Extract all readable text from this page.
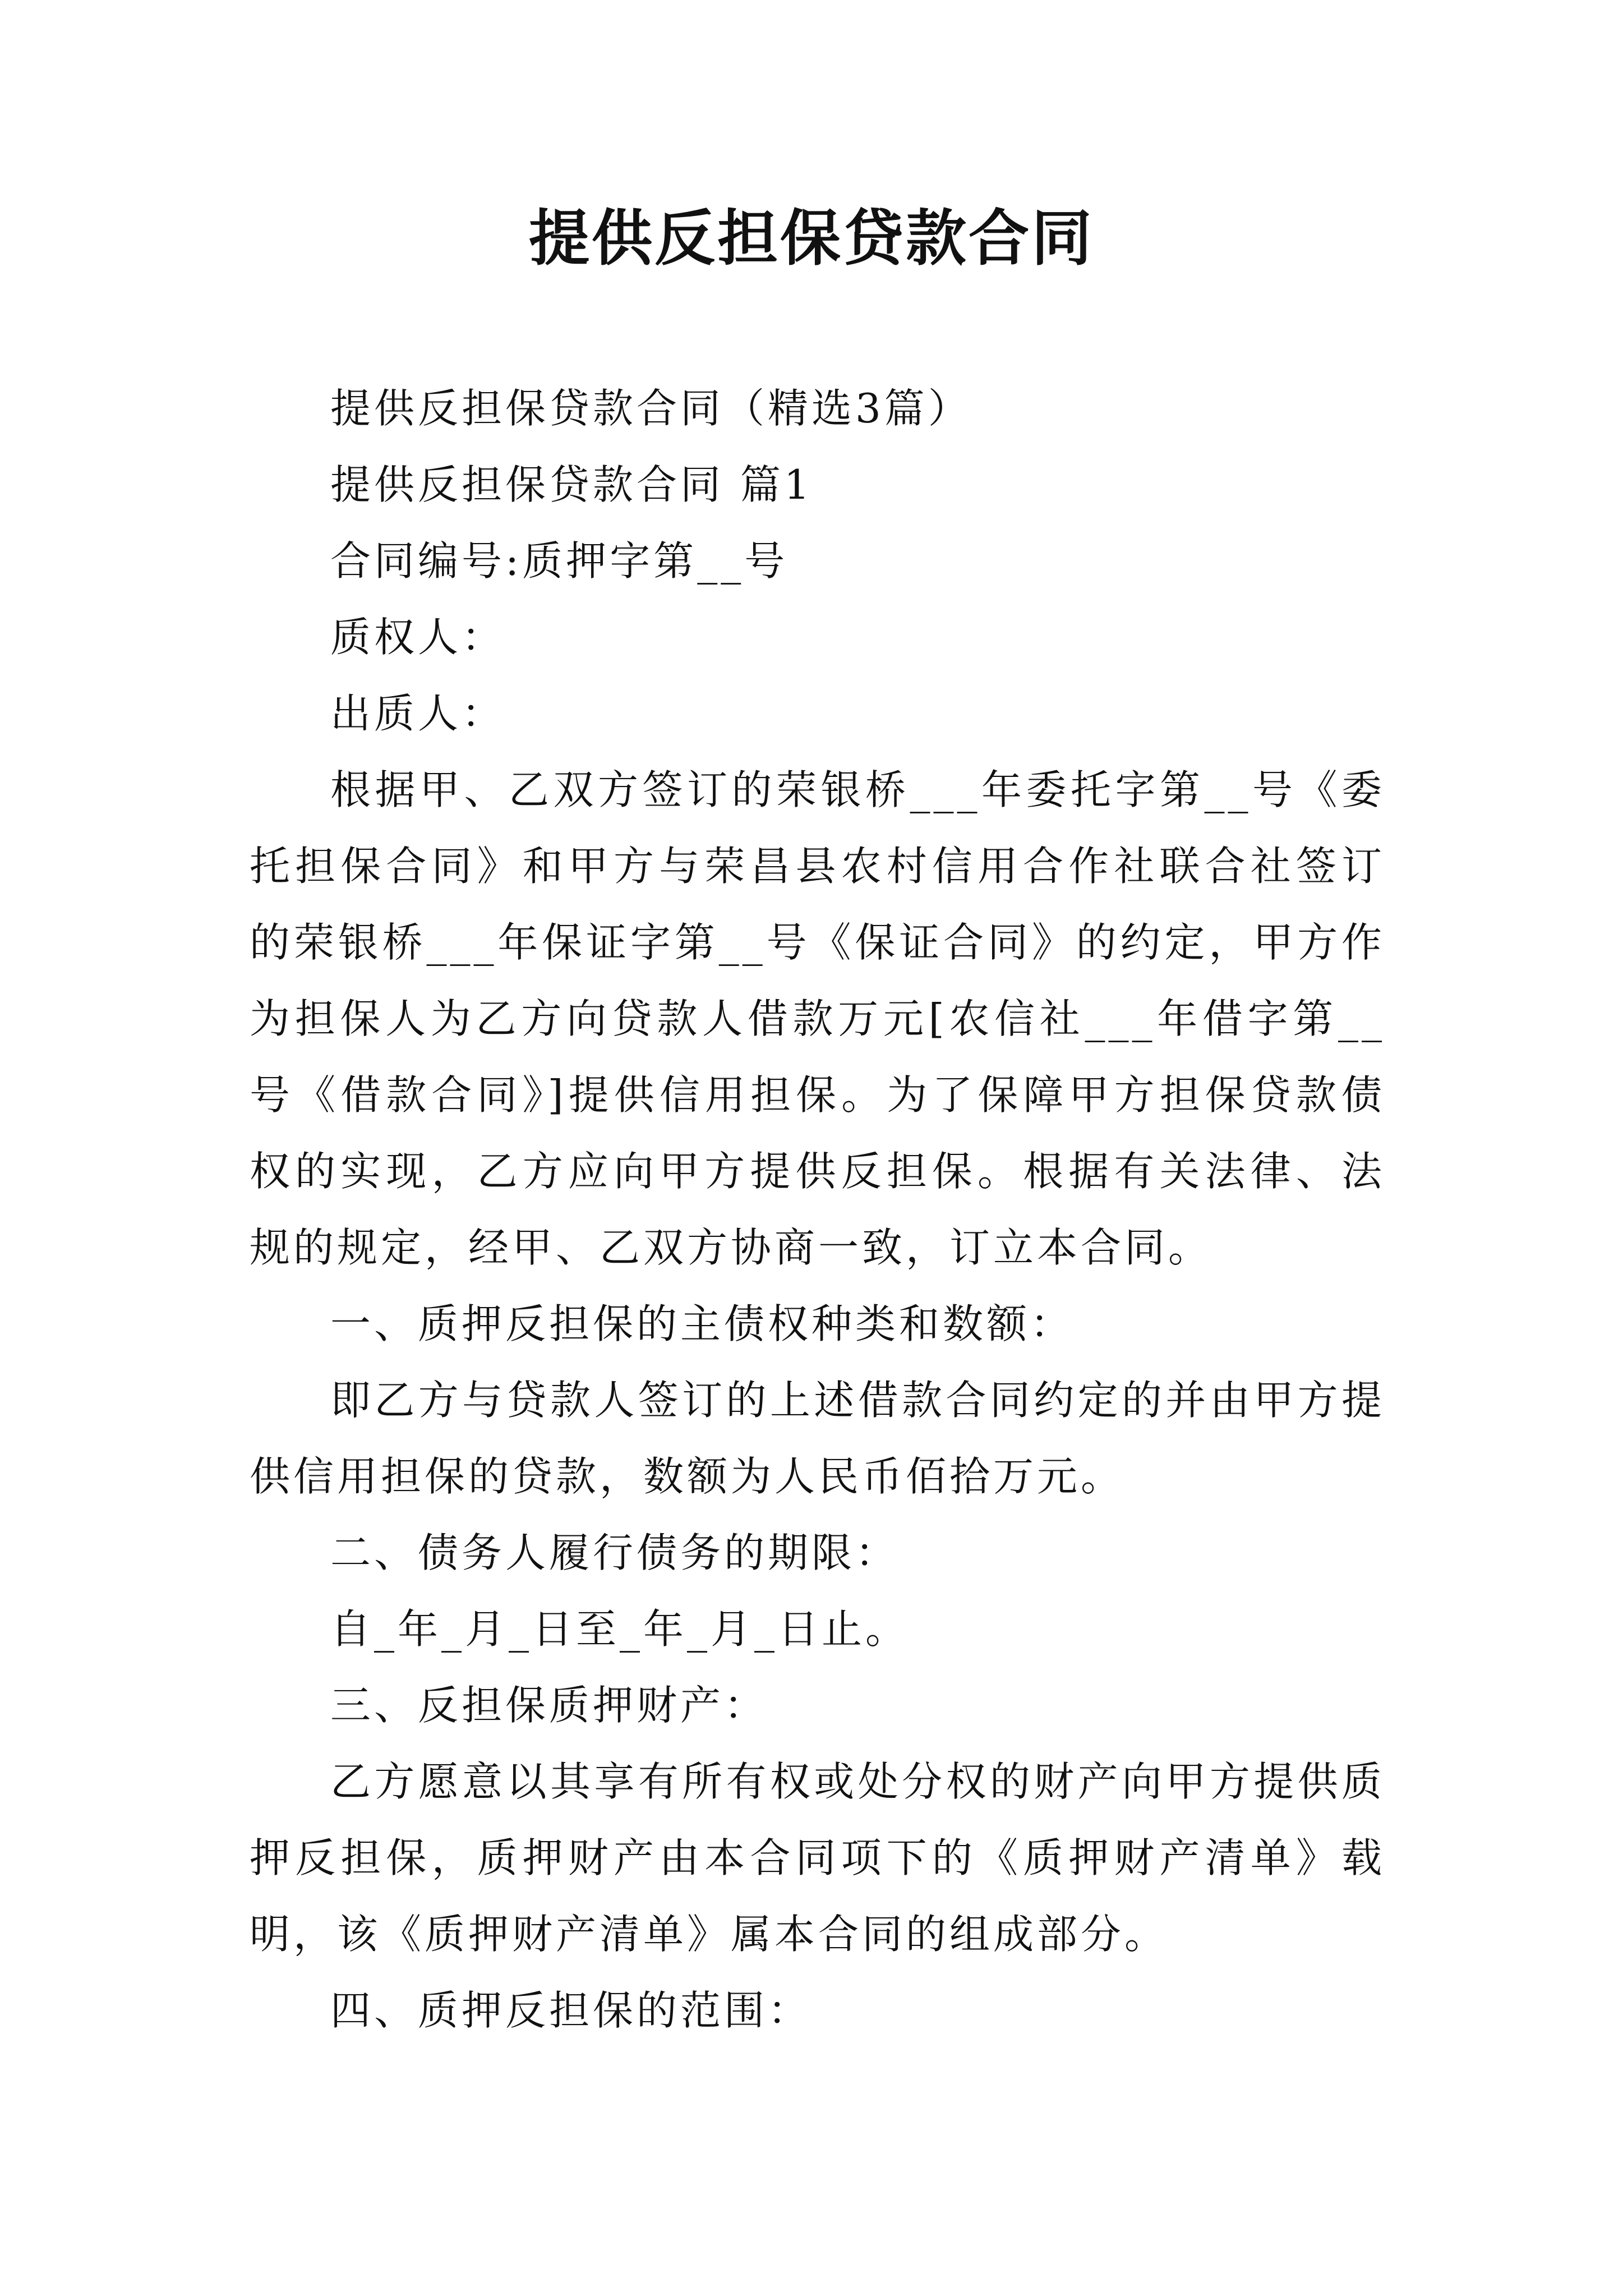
提供反担保贷款合同

提供反担保贷款合同（精选3篇）

提供反担保贷款合同 篇1

合同编号:质押字第__号

质权人：

出质人：

根据甲、乙双方签订的荣银桥___年委托字第__号《委托担保合同》和甲方与荣昌县农村信用合作社联合社签订的荣银桥___年保证字第__号《保证合同》的约定，甲方作为担保人为乙方向贷款人借款万元[农信社___年借字第__号《借款合同》]提供信用担保。为了保障甲方担保贷款债权的实现，乙方应向甲方提供反担保。根据有关法律、法规的规定，经甲、乙双方协商一致，订立本合同。

一、质押反担保的主债权种类和数额：

即乙方与贷款人签订的上述借款合同约定的并由甲方提供信用担保的贷款，数额为人民币佰拾万元。

二、债务人履行债务的期限：

自_年_月_日至_年_月_日止。

三、反担保质押财产：

乙方愿意以其享有所有权或处分权的财产向甲方提供质押反担保，质押财产由本合同项下的《质押财产清单》载明，该《质押财产清单》属本合同的组成部分。

四、质押反担保的范围：
